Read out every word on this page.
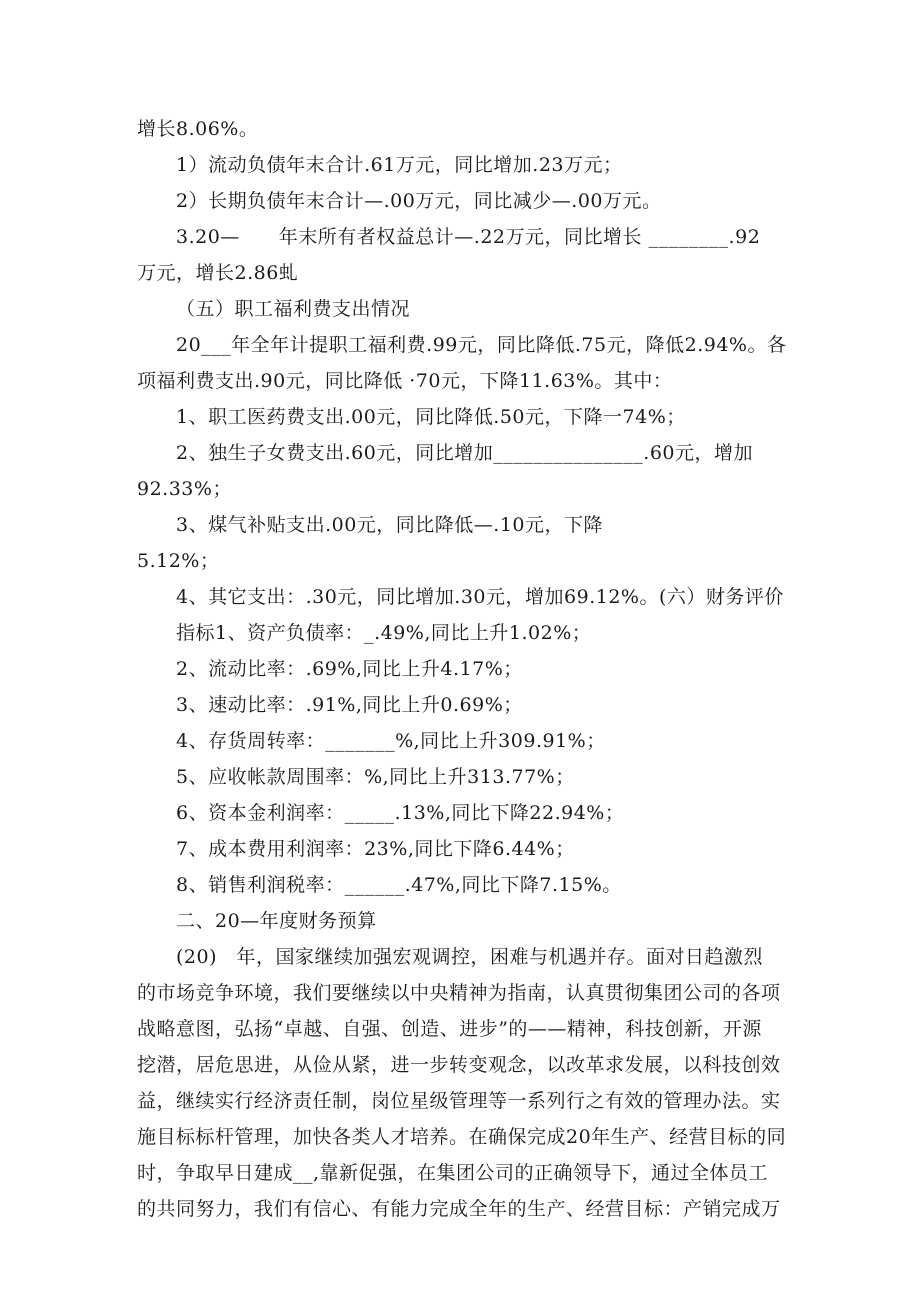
增长8.06%。
1）流动负债年末合计.61万元，同比增加.23万元；
2）长期负债年末合计—.00万元，同比减少—.00万元。
3.20—　　年末所有者权益总计—.22万元，同比增长 ________.92
万元，增长2.86虬
（五）职工福利费支出情况
20___年全年计提职工福利费.99元，同比降低.75元，降低2.94%。各
项福利费支出.90元，同比降低 ·70元，下降11.63%。其中：
1、职工医药费支出.00元，同比降低.50元，下降一74%；
2、独生子女费支出.60元，同比增加_______________.60元，增加
92.33%；
3、煤气补贴支出.00元，同比降低—.10元，下降
5.12%；
4、其它支出：.30元，同比增加.30元，增加69.12%。(六）财务评价
指标1、资产负债率：_.49%,同比上升1.02%；
2、流动比率：.69%,同比上升4.17%；
3、速动比率：.91%,同比上升0.69%；
4、存货周转率：_______%,同比上升309.91%；
5、应收帐款周围率：%,同比上升313.77%；
6、资本金利润率：_____.13%,同比下降22.94%；
7、成本费用利润率：23%,同比下降6.44%；
8、销售利润税率：______.47%,同比下降7.15%。
二、20—年度财务预算
(20)　年，国家继续加强宏观调控，困难与机遇并存。面对日趋激烈
的市场竞争环境，我们要继续以中央精神为指南，认真贯彻集团公司的各项
战略意图，弘扬“卓越、自强、创造、进步”的——精神，科技创新，开源
挖潜，居危思进，从俭从紧，进一步转变观念，以改革求发展，以科技创效
益，继续实行经济责任制，岗位星级管理等一系列行之有效的管理办法。实
施目标标杆管理，加快各类人才培养。在确保完成20年生产、经营目标的同
时，争取早日建成__,靠新促强，在集团公司的正确领导下，通过全体员工
的共同努力，我们有信心、有能力完成全年的生产、经营目标：产销完成万
